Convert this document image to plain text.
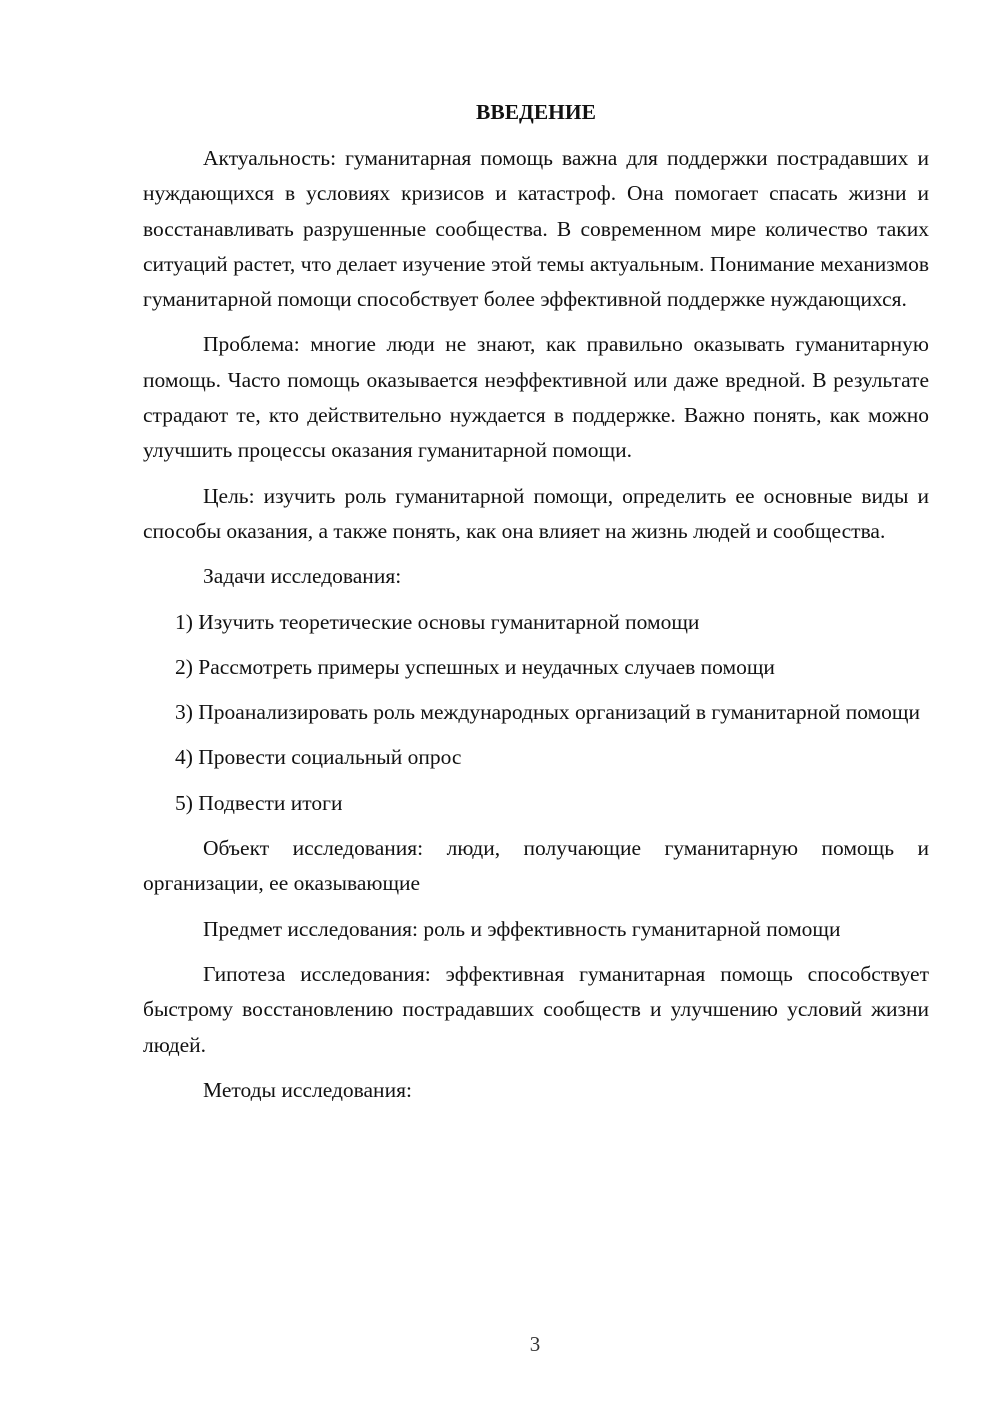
ВВЕДЕНИЕ

Актуальность: гуманитарная помощь важна для поддержки пострадавших и нуждающихся в условиях кризисов и катастроф. Она помогает спасать жизни и восстанавливать разрушенные сообщества. В современном мире количество таких ситуаций растет, что делает изучение этой темы актуальным. Понимание механизмов гуманитарной помощи способствует более эффективной поддержке нуждающихся.

Проблема: многие люди не знают, как правильно оказывать гуманитарную помощь. Часто помощь оказывается неэффективной или даже вредной. В результате страдают те, кто действительно нуждается в поддержке. Важно понять, как можно улучшить процессы оказания гуманитарной помощи.

Цель: изучить роль гуманитарной помощи, определить ее основные виды и способы оказания, а также понять, как она влияет на жизнь людей и сообщества.

Задачи исследования:

1) Изучить теоретические основы гуманитарной помощи

2) Рассмотреть примеры успешных и неудачных случаев помощи

3) Проанализировать роль международных организаций в гуманитарной помощи

4) Провести социальный опрос

5) Подвести итоги

Объект исследования: люди, получающие гуманитарную помощь и организации, ее оказывающие

Предмет исследования: роль и эффективность гуманитарной помощи

Гипотеза исследования: эффективная гуманитарная помощь способствует быстрому восстановлению пострадавших сообществ и улучшению условий жизни людей.

Методы исследования:

3
